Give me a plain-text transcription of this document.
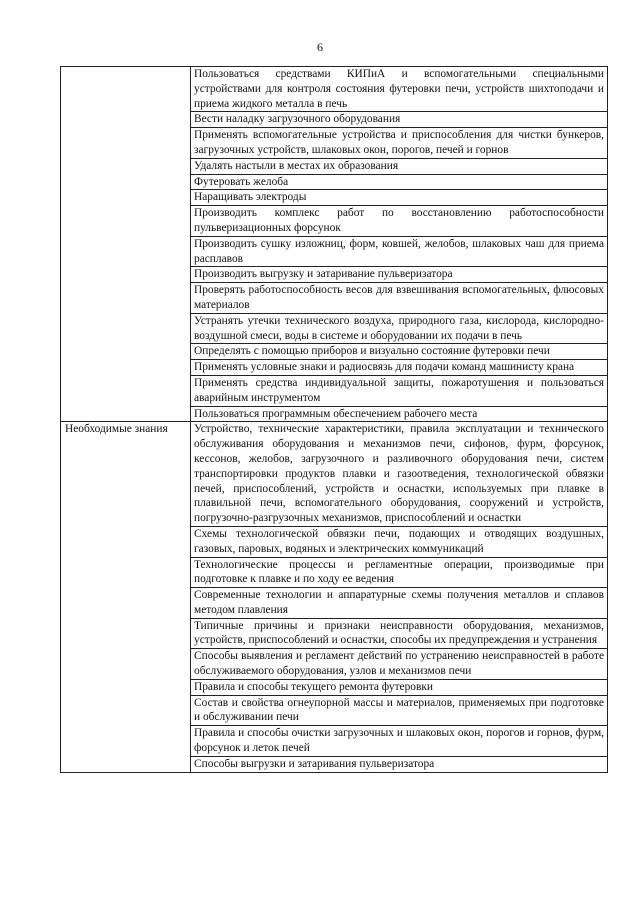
6
	Пользоваться средствами КИПиА и вспомогательными специальными устройствами для контроля состояния футеровки печи, устройств шихтоподачи и приема жидкого металла в печь
	Вести наладку загрузочного оборудования
	Применять вспомогательные устройства и приспособления для чистки бункеров, загрузочных устройств, шлаковых окон, порогов, печей и горнов
	Удалять настыли в местах их образования
	Футеровать желоба
	Наращивать электроды
	Производить комплекс работ по восстановлению работоспособности пульверизационных форсунок
	Производить сушку изложниц, форм, ковшей, желобов, шлаковых чаш для приема расплавов
	Производить выгрузку и затаривание пульверизатора
	Проверять работоспособность весов для взвешивания вспомогательных, флюсовых материалов
	Устранять утечки технического воздуха, природного газа, кислорода, кислородно-воздушной смеси, воды в системе и оборудовании их подачи в печь
	Определять с помощью приборов и визуально состояние футеровки печи
	Применять условные знаки и радиосвязь для подачи команд машинисту крана
	Применять средства индивидуальной защиты, пожаротушения и пользоваться аварийным инструментом
	Пользоваться программным обеспечением рабочего места
Необходимые знания	Устройство, технические характеристики, правила эксплуатации и технического обслуживания оборудования и механизмов печи, сифонов, фурм, форсунок, кессонов, желобов, загрузочного и разливочного оборудования печи, систем транспортировки продуктов плавки и газоотведения, технологической обвязки печей, приспособлений, устройств и оснастки, используемых при плавке в плавильной печи, вспомогательного оборудования, сооружений и устройств, погрузочно-разгрузочных механизмов, приспособлений и оснастки
	Схемы технологической обвязки печи, подающих и отводящих воздушных, газовых, паровых, водяных и электрических коммуникаций
	Технологические процессы и регламентные операции, производимые при подготовке к плавке и по ходу ее ведения
	Современные технологии и аппаратурные схемы получения металлов и сплавов методом плавления
	Типичные причины и признаки неисправности оборудования, механизмов, устройств, приспособлений и оснастки, способы их предупреждения и устранения
	Способы выявления и регламент действий по устранению неисправностей в работе обслуживаемого оборудования, узлов и механизмов печи
	Правила и способы текущего ремонта футеровки
	Состав и свойства огнеупорной массы и материалов, применяемых при подготовке и обслуживании печи
	Правила и способы очистки загрузочных и шлаковых окон, порогов и горнов, фурм, форсунок и леток печей
	Способы выгрузки и затаривания пульверизатора
